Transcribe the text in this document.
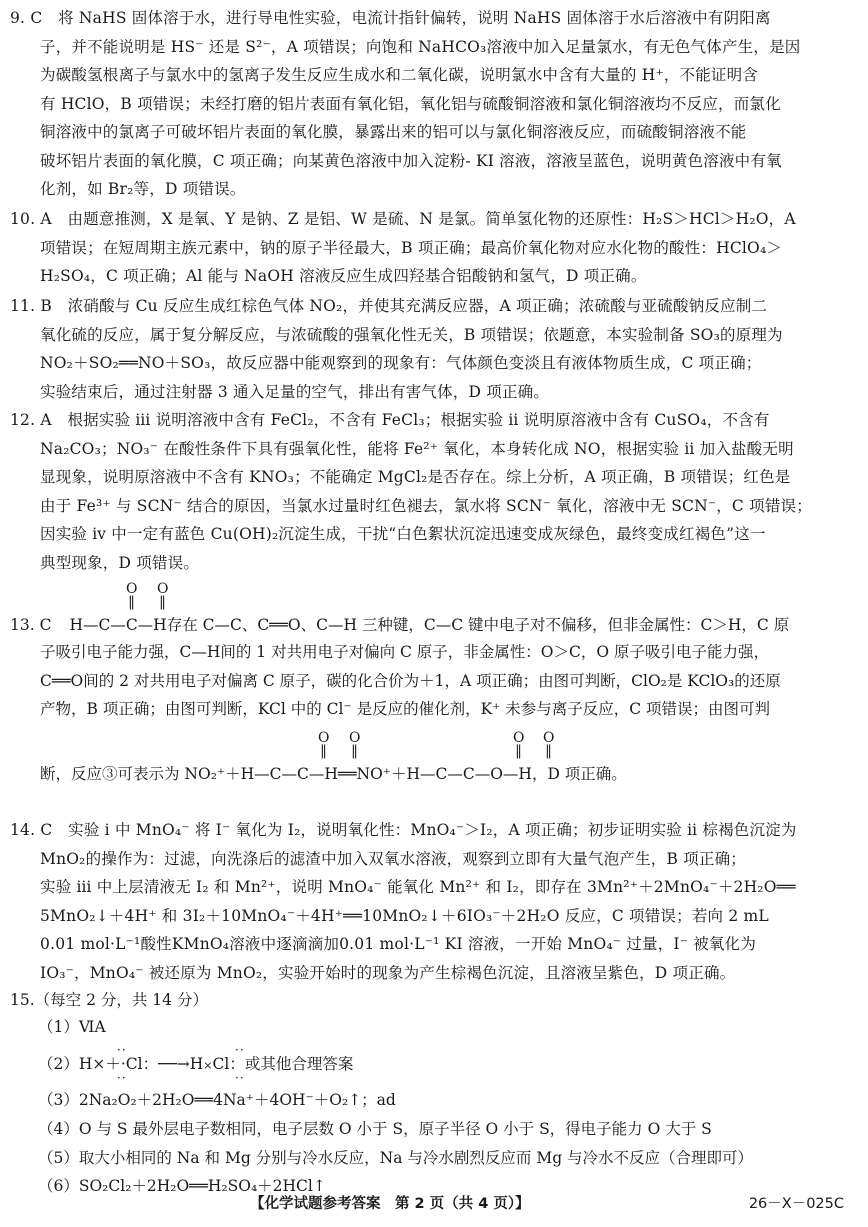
9. C　将 NaHS 固体溶于水，进行导电性实验，电流计指针偏转，说明 NaHS 固体溶于水后溶液中有阴阳离
子，并不能说明是 HS⁻ 还是 S²⁻，A 项错误；向饱和 NaHCO₃溶液中加入足量氯水，有无色气体产生，是因
为碳酸氢根离子与氯水中的氢离子发生反应生成水和二氧化碳，说明氯水中含有大量的 H⁺，不能证明含
有 HClO，B 项错误；未经打磨的铝片表面有氧化铝，氧化铝与硫酸铜溶液和氯化铜溶液均不反应，而氯化
铜溶液中的氯离子可破坏铝片表面的氧化膜，暴露出来的铝可以与氯化铜溶液反应，而硫酸铜溶液不能
破坏铝片表面的氧化膜，C 项正确；向某黄色溶液中加入淀粉- KI 溶液，溶液呈蓝色，说明黄色溶液中有氧
化剂，如 Br₂等，D 项错误。
10. A　由题意推测，X 是氧、Y 是钠、Z 是铝、W 是硫、N 是氯。简单氢化物的还原性：H₂S＞HCl＞H₂O，A
项错误；在短周期主族元素中，钠的原子半径最大，B 项正确；最高价氧化物对应水化物的酸性：HClO₄＞
H₂SO₄，C 项正确；Al 能与 NaOH 溶液反应生成四羟基合铝酸钠和氢气，D 项正确。
11. B　浓硝酸与 Cu 反应生成红棕色气体 NO₂，并使其充满反应器，A 项正确；浓硫酸与亚硫酸钠反应制二
氧化硫的反应，属于复分解反应，与浓硫酸的强氧化性无关，B 项错误；依题意，本实验制备 SO₃的原理为
NO₂＋SO₂══NO＋SO₃，故反应器中能观察到的现象有：气体颜色变淡且有液体物质生成，C 项正确；
实验结束后，通过注射器 3 通入足量的空气，排出有害气体，D 项正确。
12. A　根据实验 ⅲ 说明溶液中含有 FeCl₂，不含有 FeCl₃；根据实验 ⅱ 说明原溶液中含有 CuSO₄，不含有
Na₂CO₃；NO₃⁻ 在酸性条件下具有强氧化性，能将 Fe²⁺ 氧化，本身转化成 NO，根据实验 ⅱ 加入盐酸无明
显现象，说明原溶液中不含有 KNO₃；不能确定 MgCl₂是否存在。综上分析，A 项正确，B 项错误；红色是
由于 Fe³⁺ 与 SCN⁻ 结合的原因，当氯水过量时红色褪去，氯水将 SCN⁻ 氧化，溶液中无 SCN⁻，C 项错误；
因实验 ⅳ 中一定有蓝色 Cu(OH)₂沉淀生成，干扰“白色絮状沉淀迅速变成灰绿色，最终变成红褐色”这一
典型现象，D 项错误。
O O
‖ ‖
13. C H—C—C—H存在 C—C、C══O、C—H 三种键，C—C 键中电子对不偏移，但非金属性：C＞H，C 原
子吸引电子能力强，C—H间的 1 对共用电子对偏向 C 原子，非金属性：O＞C，O 原子吸引电子能力强，
C══O间的 2 对共用电子对偏离 C 原子，碳的化合价为＋1，A 项正确；由图可判断，ClO₂是 KClO₃的还原
产物，B 项正确；由图可判断，KCl 中的 Cl⁻ 是反应的催化剂，K⁺ 未参与离子反应，C 项错误；由图可判
O O
‖ ‖
O O
‖ ‖
断，反应③可表示为 NO₂⁺＋H—C—C—H══NO⁺＋H—C—C—O—H，D 项正确。
14. C　实验 ⅰ 中 MnO₄⁻ 将 I⁻ 氧化为 I₂，说明氧化性：MnO₄⁻＞I₂，A 项正确；初步证明实验 ⅱ 棕褐色沉淀为
MnO₂的操作为：过滤，向洗涤后的滤渣中加入双氧水溶液，观察到立即有大量气泡产生，B 项正确；
实验 ⅲ 中上层清液无 I₂ 和 Mn²⁺，说明 MnO₄⁻ 能氧化 Mn²⁺ 和 I₂，即存在 3Mn²⁺＋2MnO₄⁻＋2H₂O══
5MnO₂↓＋4H⁺ 和 3I₂＋10MnO₄⁻＋4H⁺══10MnO₂↓＋6IO₃⁻＋2H₂O 反应，C 项错误；若向 2 mL
0.01 mol·L⁻¹酸性KMnO₄溶液中逐滴滴加0.01 mol·L⁻¹ KI 溶液，一开始 MnO₄⁻ 过量，I⁻ 被氧化为
IO₃⁻，MnO₄⁻ 被还原为 MnO₂，实验开始时的现象为产生棕褐色沉淀，且溶液呈紫色，D 项正确。
15.（每空 2 分，共 14 分）
（1）ⅥA
··
··
··
··
（2）H×＋·Cl：──→H×Cl：或其他合理答案
（3）2Na₂O₂＋2H₂O══4Na⁺＋4OH⁻＋O₂↑；ad
（4）O 与 S 最外层电子数相同，电子层数 O 小于 S，原子半径 O 小于 S，得电子能力 O 大于 S
（5）取大小相同的 Na 和 Mg 分别与冷水反应，Na 与冷水剧烈反应而 Mg 与冷水不反应（合理即可）
（6）SO₂Cl₂＋2H₂O══H₂SO₄＋2HCl↑
【化学试题参考答案　第 2 页（共 4 页）】	26－X－025C
